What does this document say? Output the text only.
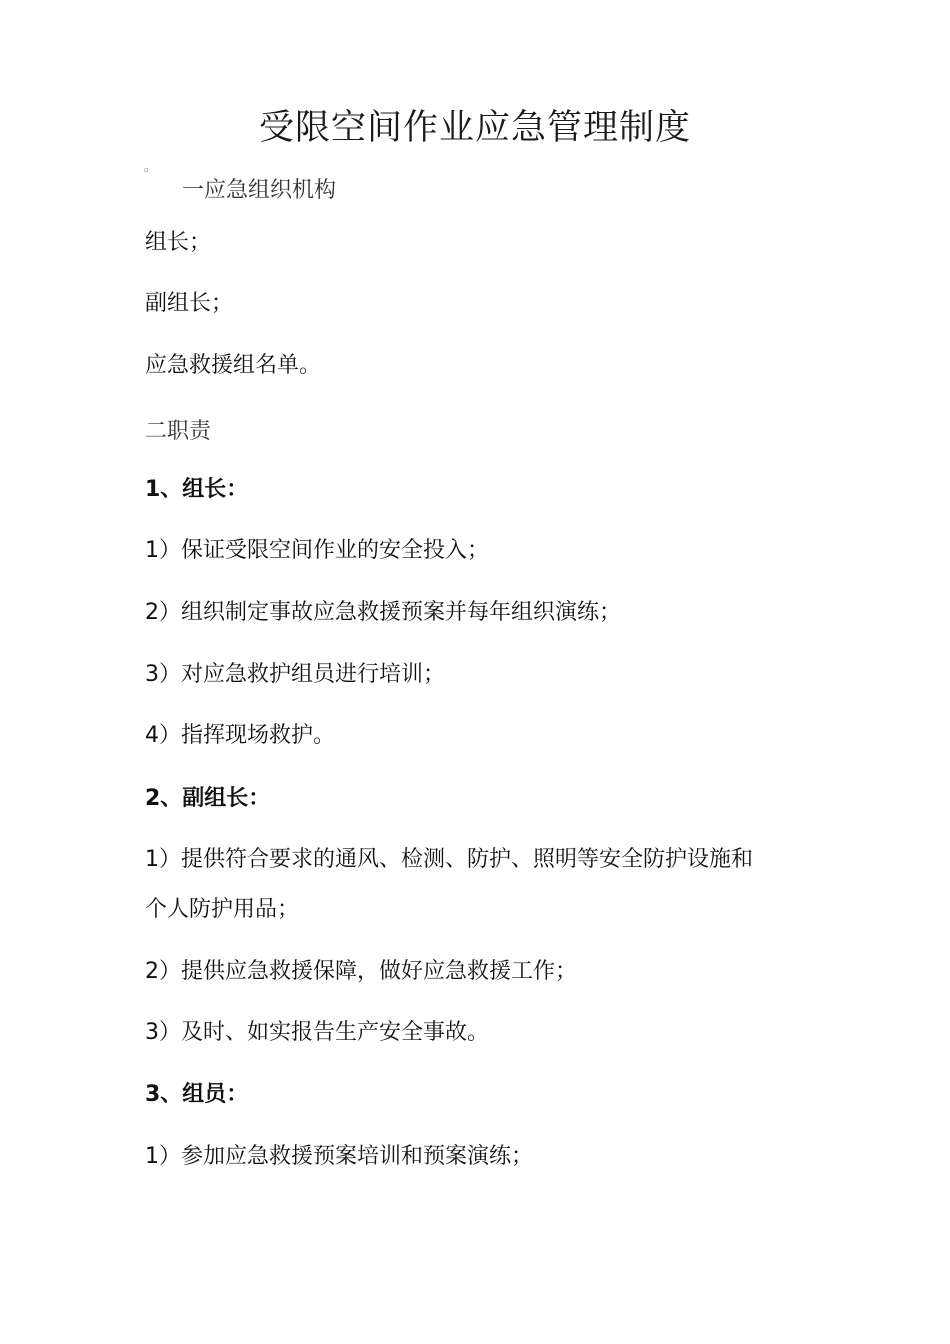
受限空间作业应急管理制度
▫
一应急组织机构
组长；
副组长；
应急救援组名单。
二职责
1、组长：
1）保证受限空间作业的安全投入；
2）组织制定事故应急救援预案并每年组织演练；
3）对应急救护组员进行培训；
4）指挥现场救护。
2、副组长：
1）提供符合要求的通风、检测、防护、照明等安全防护设施和
个人防护用品；
2）提供应急救援保障，做好应急救援工作；
3）及时、如实报告生产安全事故。
3、组员：
1）参加应急救援预案培训和预案演练；
